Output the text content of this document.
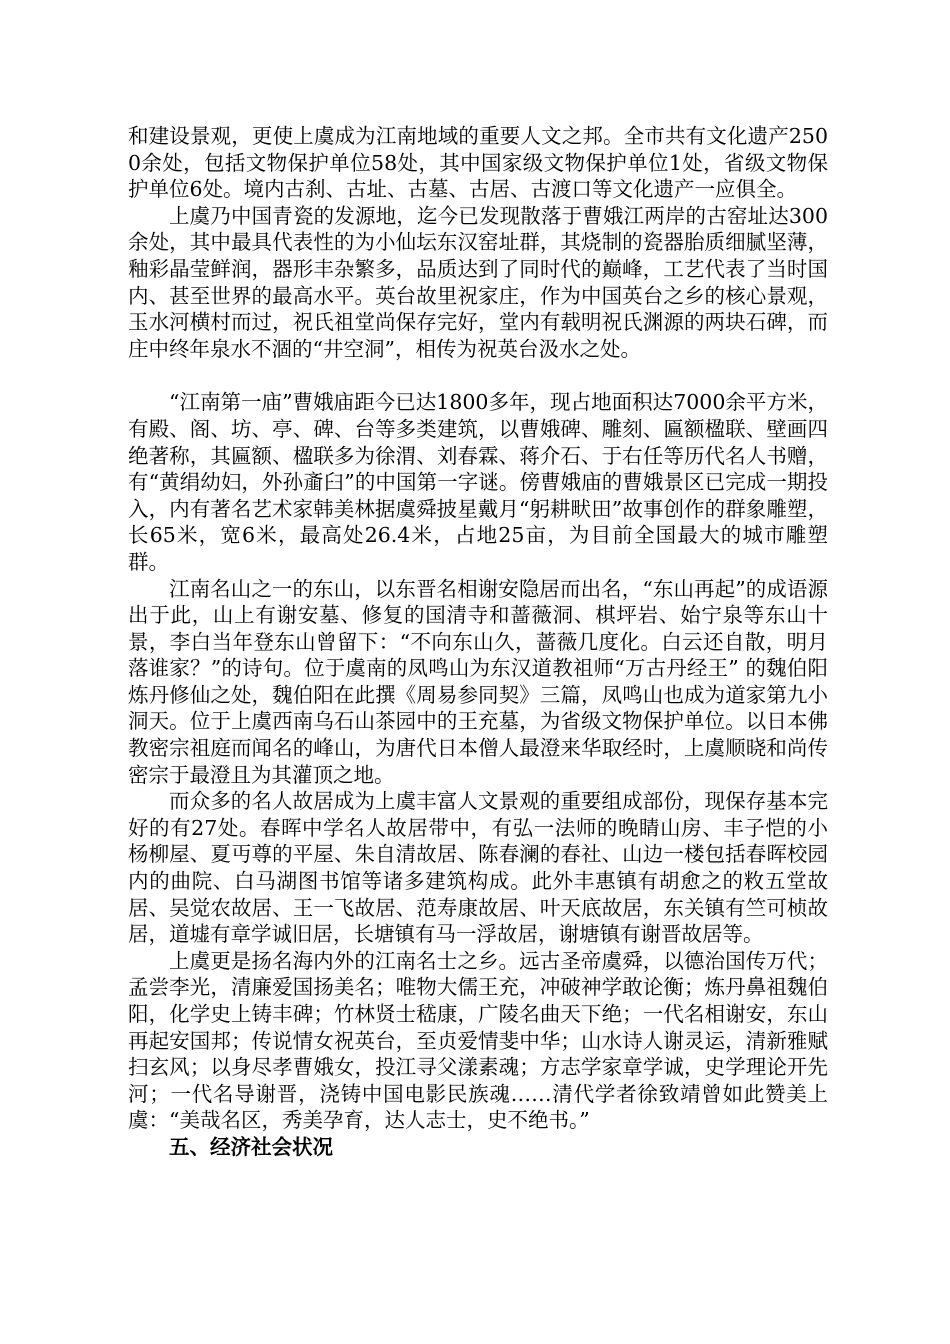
和建设景观，更使上虞成为江南地域的重要人文之邦。全市共有文化遗产2500余处，包括文物保护单位58处，其中国家级文物保护单位1处，省级文物保护单位6处。境内古刹、古址、古墓、古居、古渡口等文化遗产一应俱全。

上虞乃中国青瓷的发源地，迄今已发现散落于曹娥江两岸的古窑址达300余处，其中最具代表性的为小仙坛东汉窑址群，其烧制的瓷器胎质细腻坚薄，釉彩晶莹鲜润，器形丰杂繁多，品质达到了同时代的巅峰，工艺代表了当时国内、甚至世界的最高水平。英台故里祝家庄，作为中国英台之乡的核心景观，玉水河横村而过，祝氏祖堂尚保存完好，堂内有载明祝氏渊源的两块石碑，而庄中终年泉水不涸的“井空洞”，相传为祝英台汲水之处。

“江南第一庙”曹娥庙距今已达1800多年，现占地面积达7000余平方米，有殿、阁、坊、亭、碑、台等多类建筑，以曹娥碑、雕刻、匾额楹联、壁画四绝著称，其匾额、楹联多为徐渭、刘春霖、蒋介石、于右任等历代名人书赠，有“黄绢幼妇，外孙齑臼”的中国第一字谜。傍曹娥庙的曹娥景区已完成一期投入，内有著名艺术家韩美林据虞舜披星戴月“躬耕畎田”故事创作的群象雕塑，长65米，宽6米，最高处26.4米，占地25亩，为目前全国最大的城市雕塑群。

江南名山之一的东山，以东晋名相谢安隐居而出名，“东山再起”的成语源出于此，山上有谢安墓、修复的国清寺和蔷薇洞、棋坪岩、始宁泉等东山十景，李白当年登东山曾留下：“不向东山久，蔷薇几度化。白云还自散，明月落谁家？”的诗句。位于虞南的凤鸣山为东汉道教祖师“万古丹经王” 的魏伯阳炼丹修仙之处，魏伯阳在此撰《周易参同契》三篇，凤鸣山也成为道家第九小洞天。位于上虞西南乌石山茶园中的王充墓，为省级文物保护单位。以日本佛教密宗祖庭而闻名的峰山，为唐代日本僧人最澄来华取经时，上虞顺晓和尚传密宗于最澄且为其灌顶之地。

而众多的名人故居成为上虞丰富人文景观的重要组成部份，现保存基本完好的有27处。春晖中学名人故居带中，有弘一法师的晚睛山房、丰子恺的小杨柳屋、夏丏尊的平屋、朱自清故居、陈春澜的春社、山边一楼包括春晖校园内的曲院、白马湖图书馆等诸多建筑构成。此外丰惠镇有胡愈之的敉五堂故居、吴觉农故居、王一飞故居、范寿康故居、叶天底故居，东关镇有竺可桢故居，道墟有章学诚旧居，长塘镇有马一浮故居，谢塘镇有谢晋故居等。

上虞更是扬名海内外的江南名士之乡。远古圣帝虞舜，以德治国传万代；孟尝李光，清廉爱国扬美名；唯物大儒王充，冲破神学敢论衡；炼丹鼻祖魏伯阳，化学史上铸丰碑；竹林贤士嵇康，广陵名曲天下绝；一代名相谢安，东山再起安国邦；传说情女祝英台，至贞爱情斐中华；山水诗人谢灵运，清新雅赋扫玄风；以身尽孝曹娥女，投江寻父漾素魂；方志学家章学诚，史学理论开先河；一代名导谢晋，浇铸中国电影民族魂……清代学者徐致靖曾如此赞美上虞：“美哉名区，秀美孕育，达人志士，史不绝书。”

五、经济社会状况
